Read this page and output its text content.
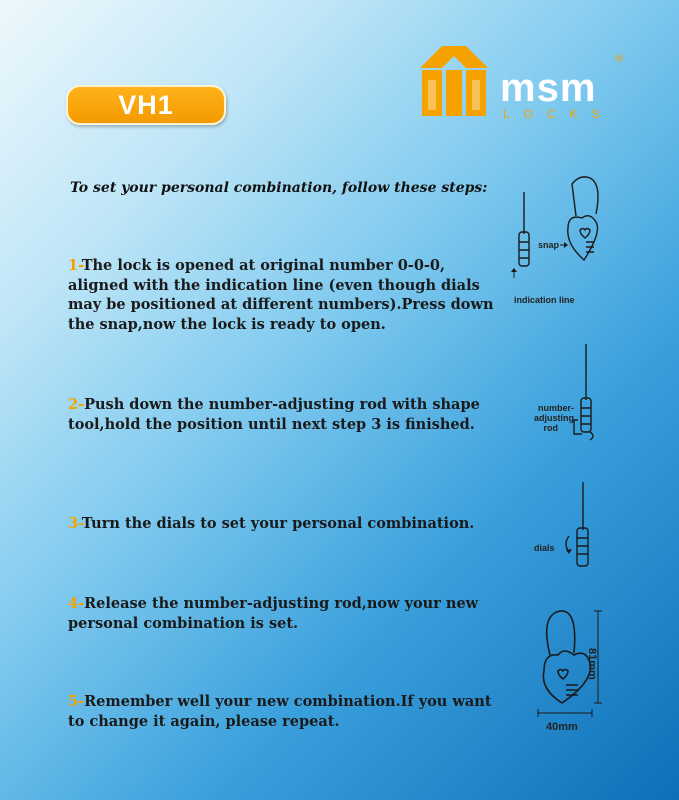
VH1	msm
LOCKS
®
To set your personal combination, follow these steps:
1-The lock is opened at original number 0-0-0, aligned with the indication line (even though dials may be positioned at different numbers).Press down the snap,now the lock is ready to open.
2-Push down the number-adjusting rod with shape tool,hold the position until next step 3 is finished.
3-Turn the dials to set your personal combination.
4-Release the number-adjusting rod,now your new personal combination is set.
5-Remember well your new combination.If you want to change it again, please repeat.
snap
indication line
number-
adjusting
rod
dials
81mm
40mm
